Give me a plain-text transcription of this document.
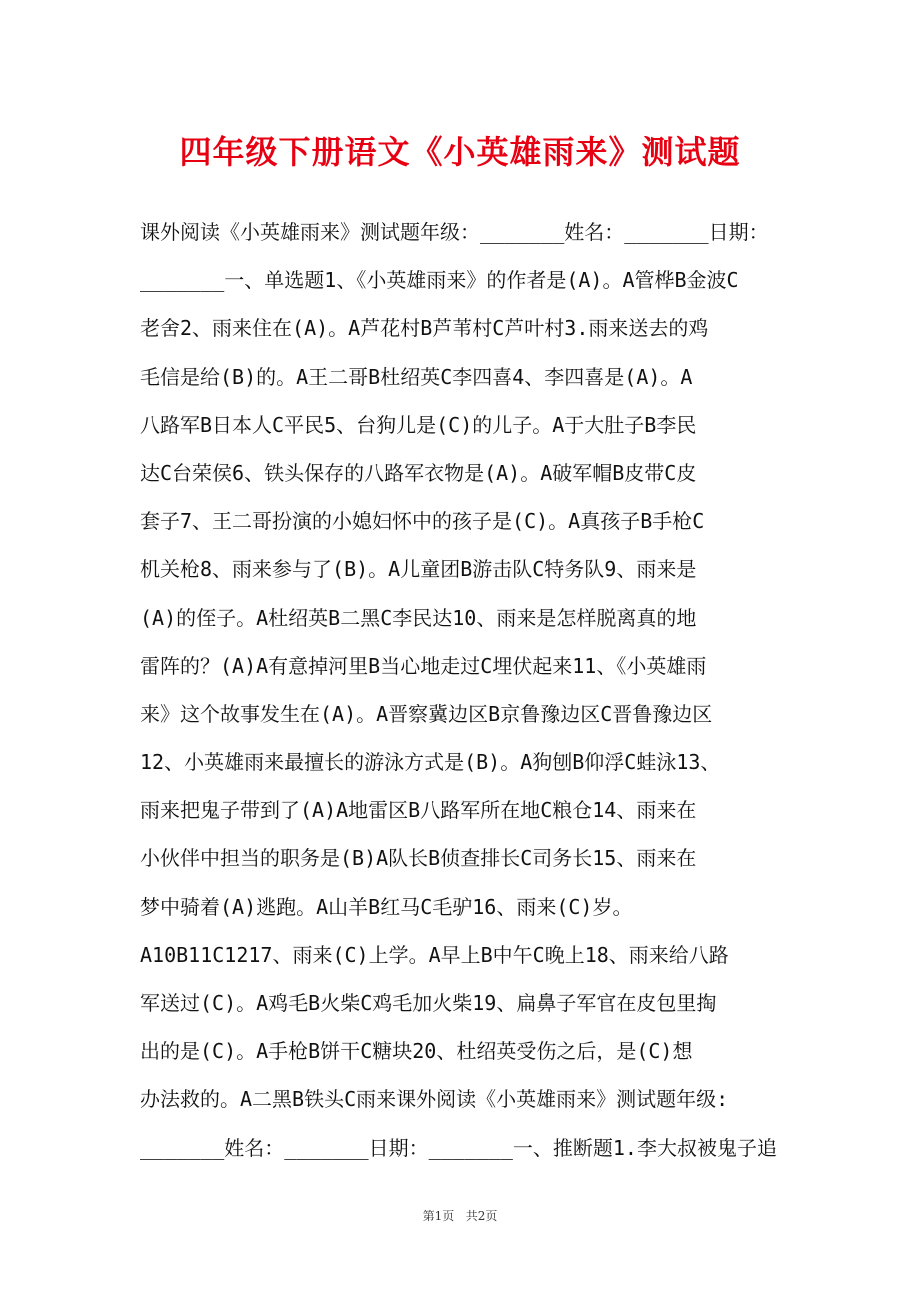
四年级下册语文《小英雄雨来》测试题
课外阅读《小英雄雨来》测试题年级：_______姓名：_______日期：
_______一、单选题1、《小英雄雨来》的作者是(A)。A管桦B金波C
老舍2、雨来住在(A)。A芦花村B芦苇村C芦叶村3.雨来送去的鸡
毛信是给(B)的。A王二哥B杜绍英C李四喜4、李四喜是(A)。A
八路军B日本人C平民5、台狗儿是(C)的儿子。A于大肚子B李民
达C台荣侯6、铁头保存的八路军衣物是(A)。A破军帽B皮带C皮
套子7、王二哥扮演的小媳妇怀中的孩子是(C)。A真孩子B手枪C
机关枪8、雨来参与了(B)。A儿童团B游击队C特务队9、雨来是
(A)的侄子。A杜绍英B二黑C李民达10、雨来是怎样脱离真的地
雷阵的？(A)A有意掉河里B当心地走过C埋伏起来11、《小英雄雨
来》这个故事发生在(A)。A晋察冀边区B京鲁豫边区C晋鲁豫边区
12、小英雄雨来最擅长的游泳方式是(B)。A狗刨B仰浮C蛙泳13、
雨来把鬼子带到了(A)A地雷区B八路军所在地C粮仓14、雨来在
小伙伴中担当的职务是(B)A队长B侦查排长C司务长15、雨来在
梦中骑着(A)逃跑。A山羊B红马C毛驴16、雨来(C)岁。
A10B11C1217、雨来(C)上学。A早上B中午C晚上18、雨来给八路
军送过(C)。A鸡毛B火柴C鸡毛加火柴19、扁鼻子军官在皮包里掏
出的是(C)。A手枪B饼干C糖块20、杜绍英受伤之后，是(C)想
办法救的。A二黑B铁头C雨来课外阅读《小英雄雨来》测试题年级:
_______姓名：_______日期：_______一、推断题1.李大叔被鬼子追
第1页 共2页
